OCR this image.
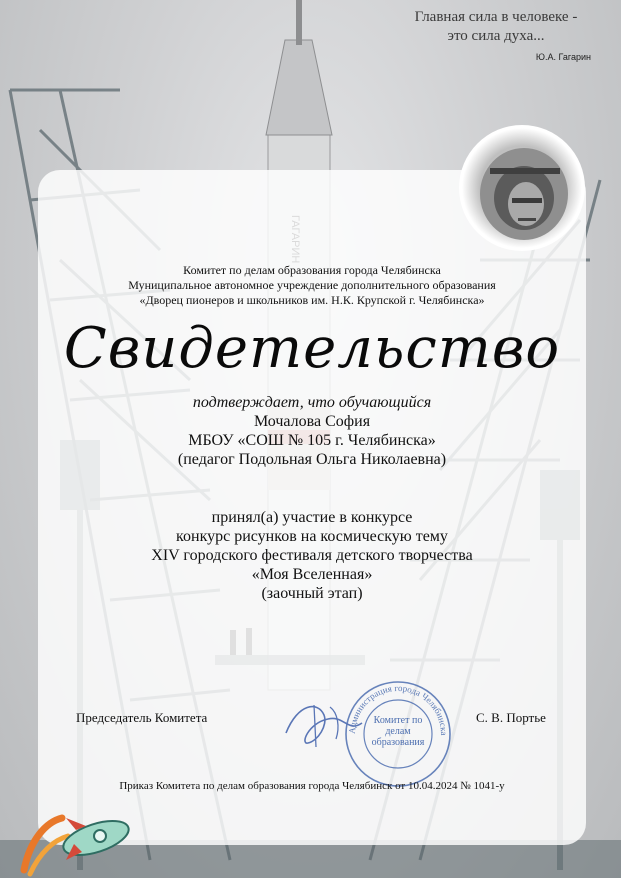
Главная сила в человеке -
это сила духа...
Ю.А. Гагарин
Комитет по делам образования города Челябинска
Муниципальное автономное учреждение дополнительного образования
«Дворец пионеров и школьников им. Н.К. Крупской г. Челябинска»
Свидетельство
подтверждает, что обучающийся
Мочалова София
МБОУ «СОШ № 105 г. Челябинска»
(педагог Подольная Ольга Николаевна)
принял(а) участие в конкурсе
конкурс рисунков на космическую тему
XIV городского фестиваля детского творчества
«Моя Вселенная»
(заочный этап)
Администрация города Челябинска
Комитет по делам образования
Председатель Комитета	С. В. Портье
Приказ Комитета по делам образования города Челябинск от 10.04.2024 № 1041-у
